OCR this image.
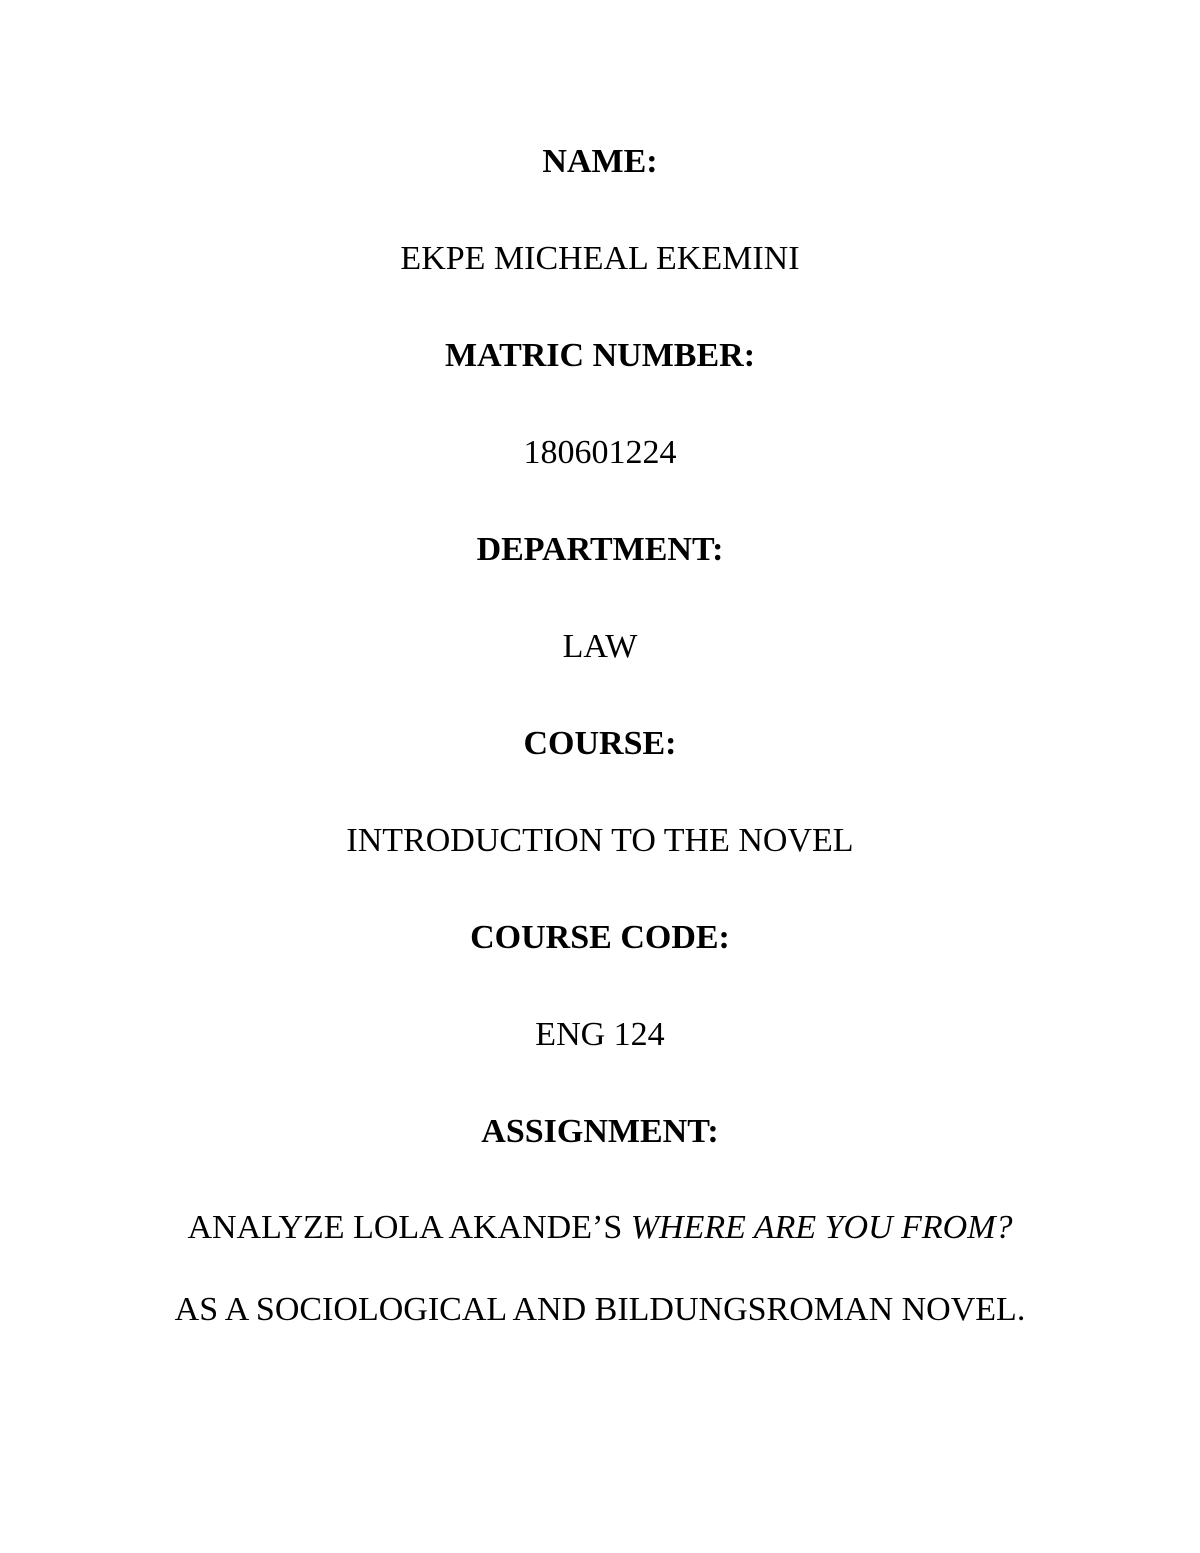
NAME:

EKPE MICHEAL EKEMINI

MATRIC NUMBER:

180601224

DEPARTMENT:

LAW

COURSE:

INTRODUCTION TO THE NOVEL

COURSE CODE:

ENG 124

ASSIGNMENT:

ANALYZE LOLA AKANDE’S WHERE ARE YOU FROM?

AS A SOCIOLOGICAL AND BILDUNGSROMAN NOVEL.
